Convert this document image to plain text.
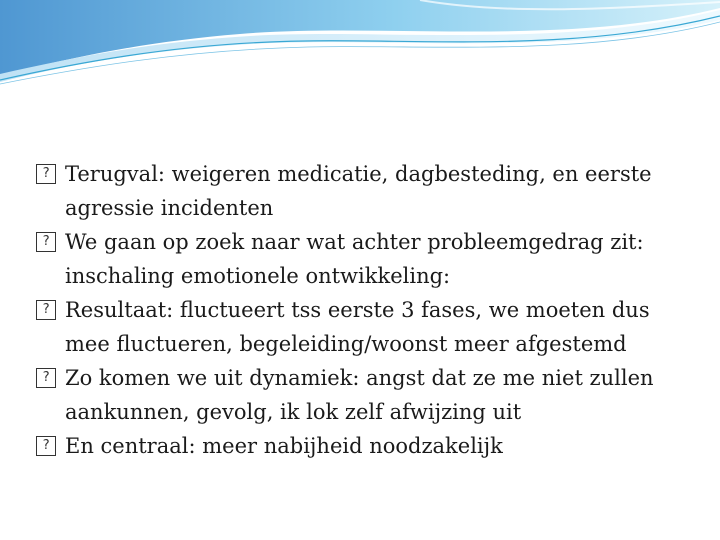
? Terugval: weigeren medicatie, dagbesteding, en eerste agressie incidenten

? We gaan op zoek naar wat achter probleemgedrag zit: inschaling emotionele ontwikkeling:

? Resultaat: fluctueert tss eerste 3 fases, we moeten dus mee fluctueren, begeleiding/woonst meer afgestemd

? Zo komen we uit dynamiek: angst dat ze me niet zullen aankunnen, gevolg, ik lok zelf afwijzing uit

? En centraal: meer nabijheid noodzakelijk
